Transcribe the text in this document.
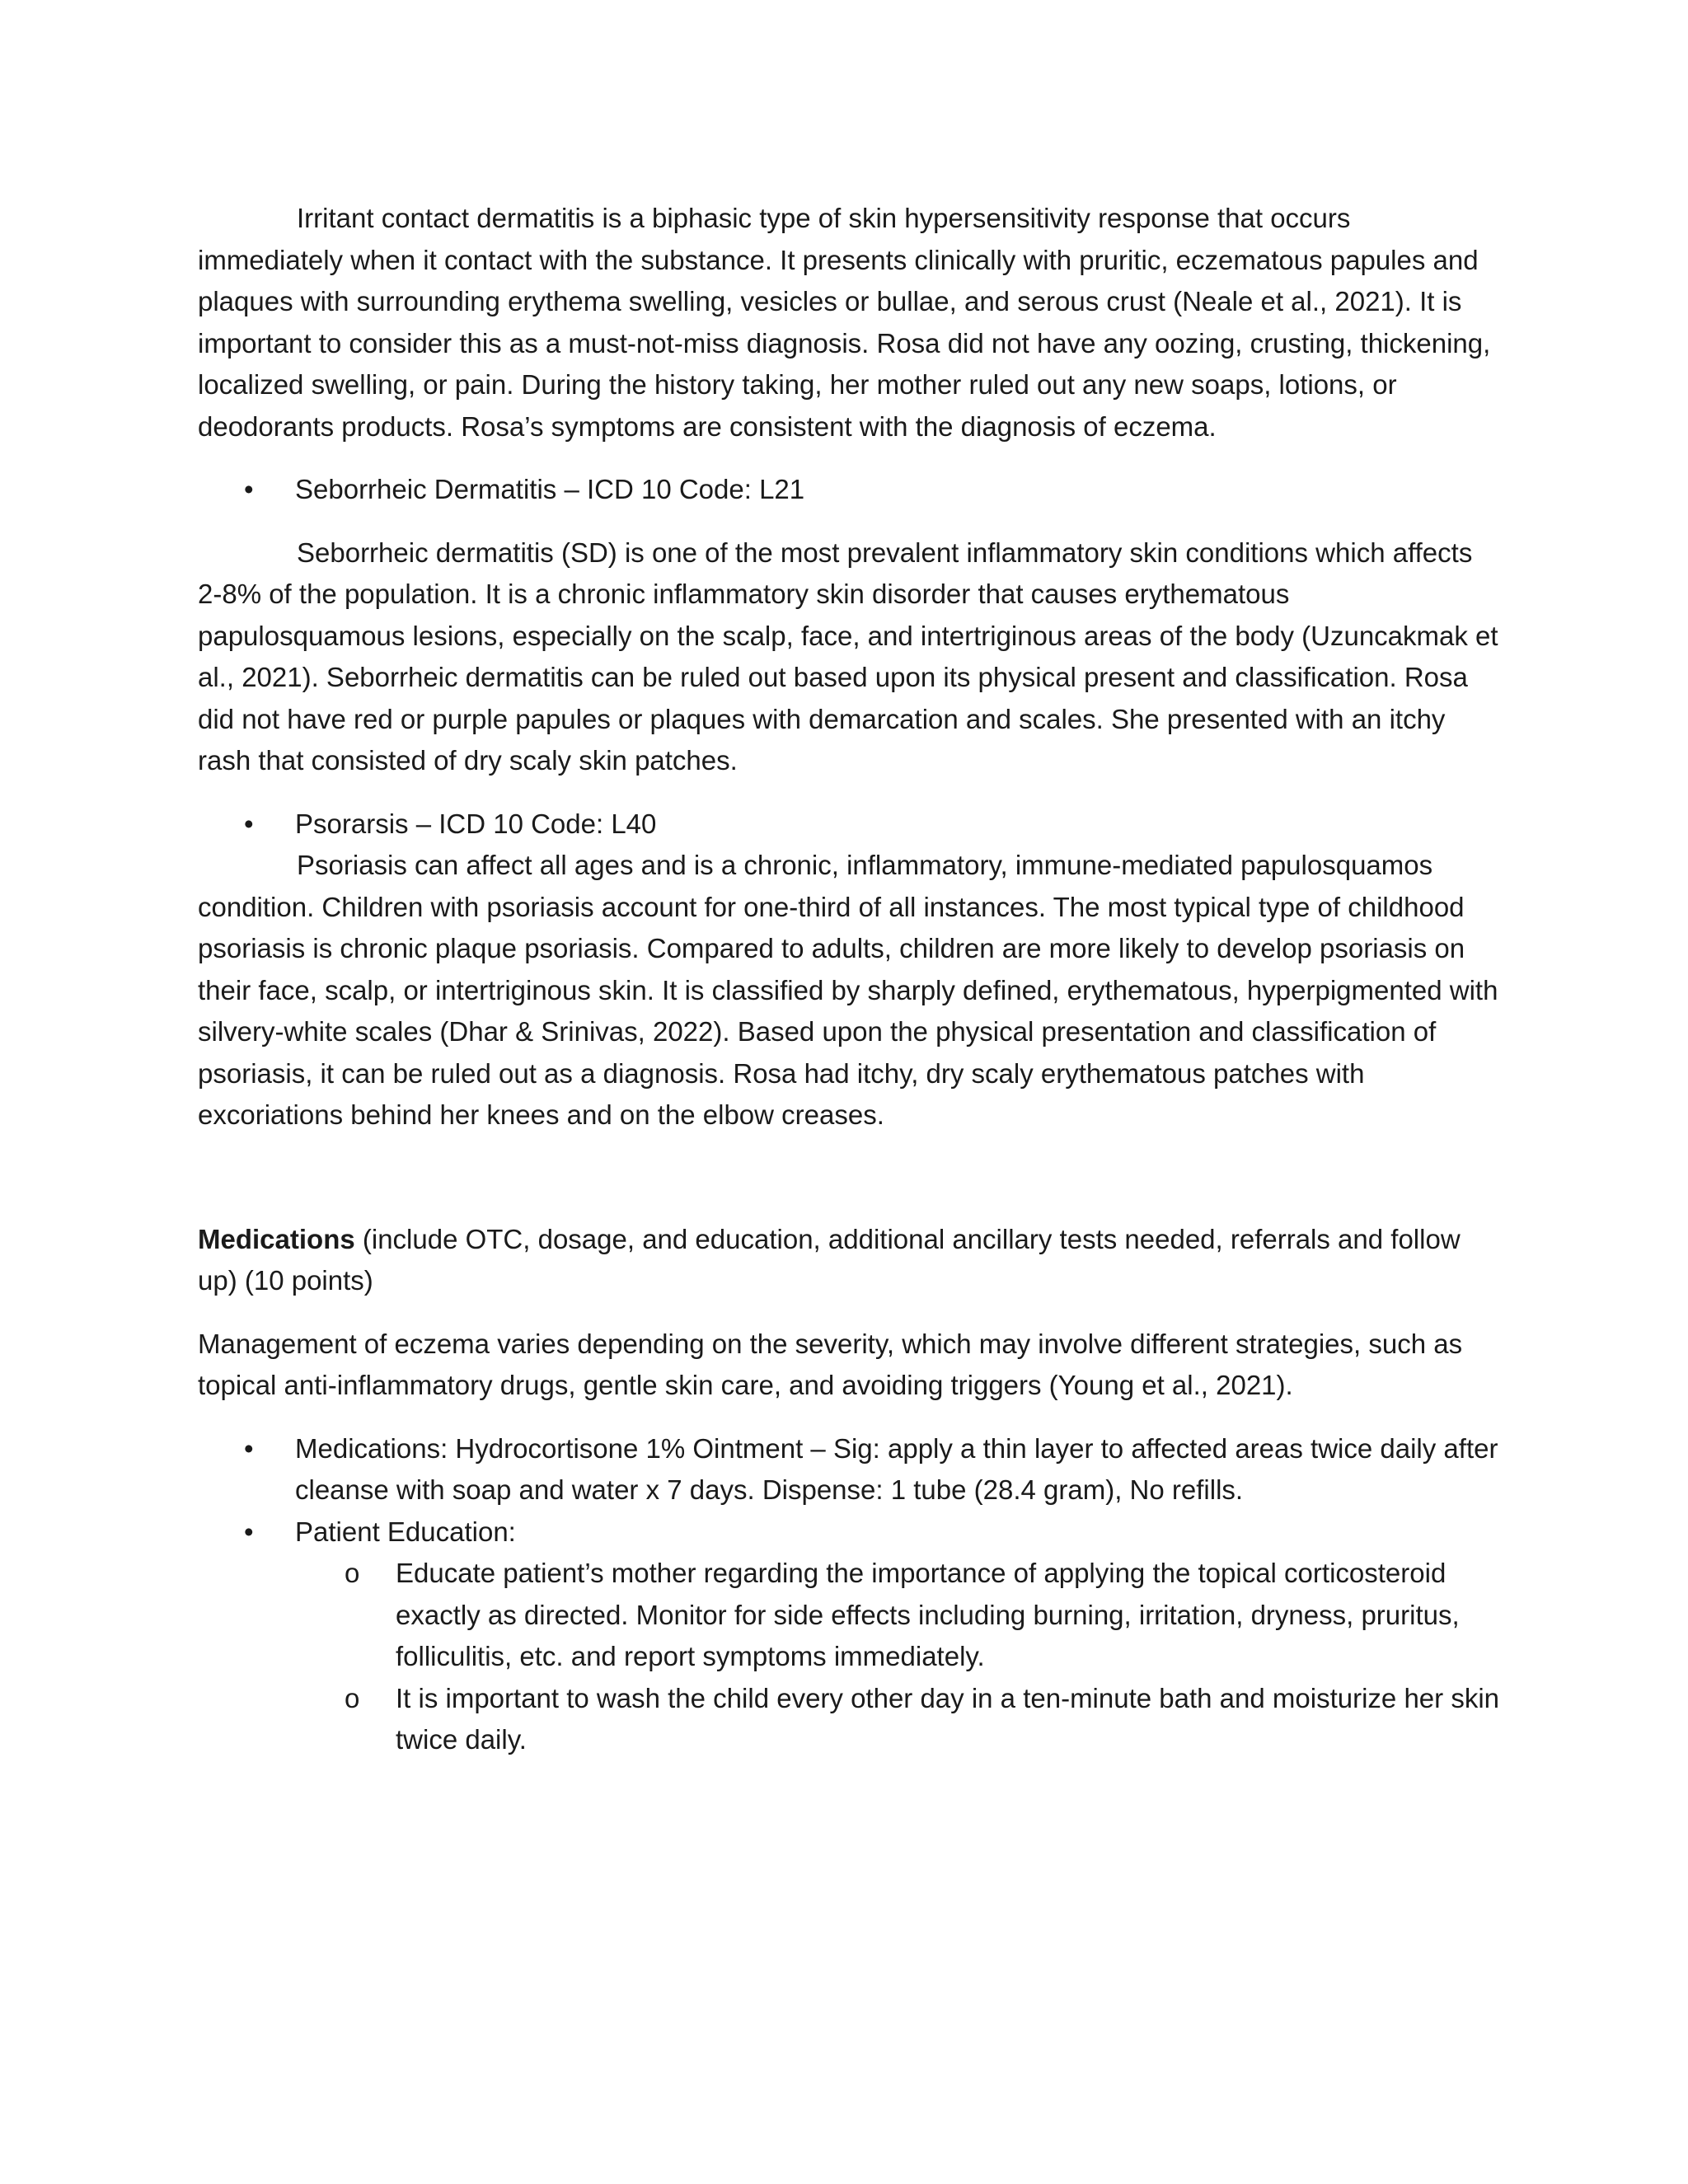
Irritant contact dermatitis is a biphasic type of skin hypersensitivity response that occurs immediately when it contact with the substance. It presents clinically with pruritic, eczematous papules and plaques with surrounding erythema swelling, vesicles or bullae, and serous crust (Neale et al., 2021). It is important to consider this as a must-not-miss diagnosis. Rosa did not have any oozing, crusting, thickening, localized swelling, or pain. During the history taking, her mother ruled out any new soaps, lotions, or deodorants products. Rosa’s symptoms are consistent with the diagnosis of eczema.

• Seborrheic Dermatitis – ICD 10 Code: L21

Seborrheic dermatitis (SD) is one of the most prevalent inflammatory skin conditions which affects 2-8% of the population. It is a chronic inflammatory skin disorder that causes erythematous papulosquamous lesions, especially on the scalp, face, and intertriginous areas of the body (Uzuncakmak et al., 2021). Seborrheic dermatitis can be ruled out based upon its physical present and classification. Rosa did not have red or purple papules or plaques with demarcation and scales. She presented with an itchy rash that consisted of dry scaly skin patches.

• Psorarsis – ICD 10 Code: L40

Psoriasis can affect all ages and is a chronic, inflammatory, immune-mediated papulosquamos condition. Children with psoriasis account for one-third of all instances. The most typical type of childhood psoriasis is chronic plaque psoriasis. Compared to adults, children are more likely to develop psoriasis on their face, scalp, or intertriginous skin. It is classified by sharply defined, erythematous, hyperpigmented with silvery-white scales (Dhar & Srinivas, 2022). Based upon the physical presentation and classification of psoriasis, it can be ruled out as a diagnosis. Rosa had itchy, dry scaly erythematous patches with excoriations behind her knees and on the elbow creases.

Medications (include OTC, dosage, and education, additional ancillary tests needed, referrals and follow up) (10 points)

Management of eczema varies depending on the severity, which may involve different strategies, such as topical anti-inflammatory drugs, gentle skin care, and avoiding triggers (Young et al., 2021).

• Medications: Hydrocortisone 1% Ointment – Sig: apply a thin layer to affected areas twice daily after cleanse with soap and water x 7 days. Dispense: 1 tube (28.4 gram), No refills.
• Patient Education:
o Educate patient’s mother regarding the importance of applying the topical corticosteroid exactly as directed. Monitor for side effects including burning, irritation, dryness, pruritus, folliculitis, etc. and report symptoms immediately.
o It is important to wash the child every other day in a ten-minute bath and moisturize her skin twice daily.
